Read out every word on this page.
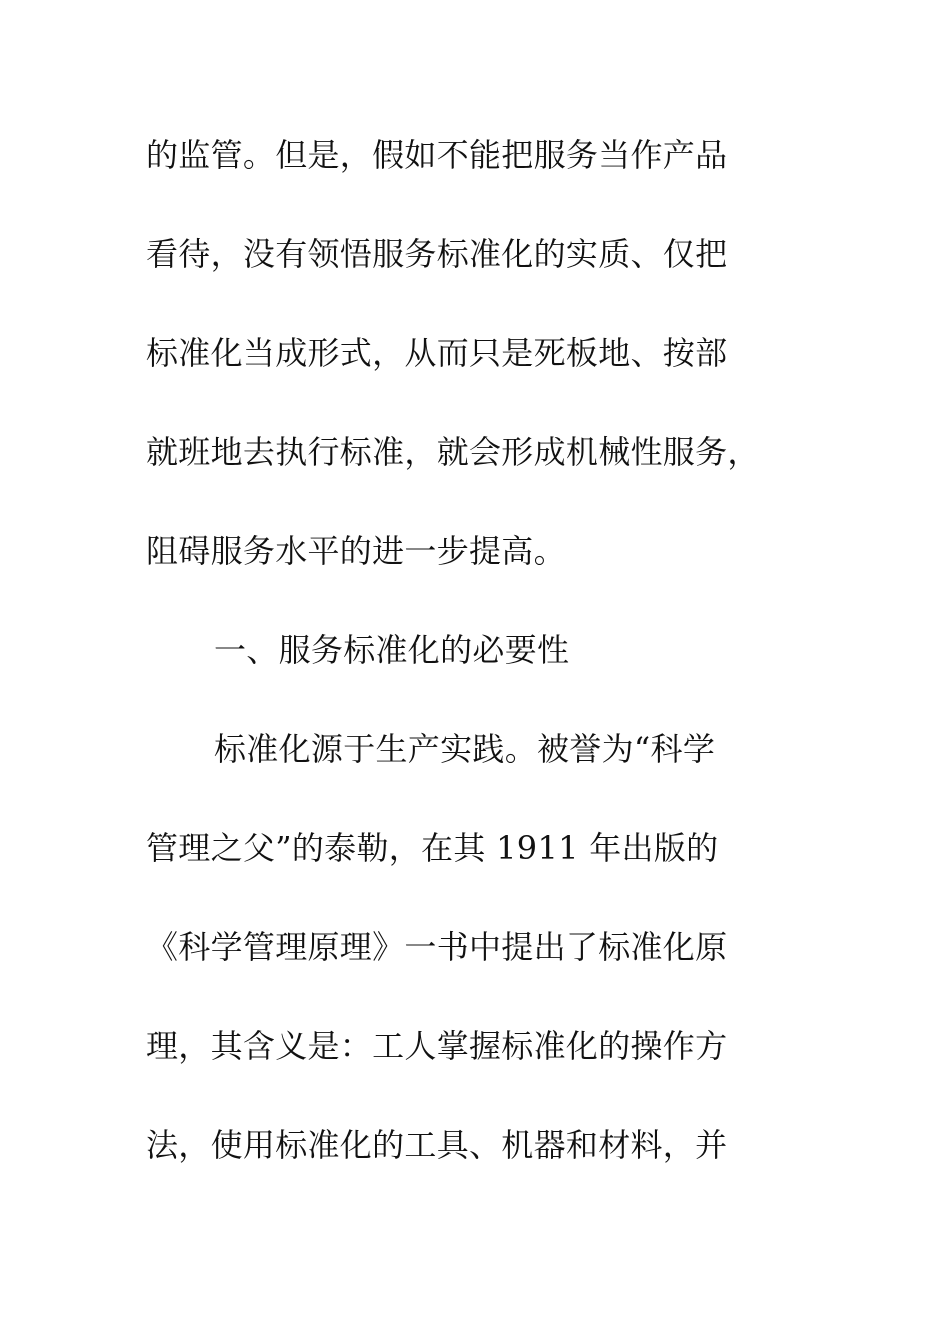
的监管。但是，假如不能把服务当作产品
看待，没有领悟服务标准化的实质、仅把
标准化当成形式，从而只是死板地、按部
就班地去执行标准，就会形成机械性服务，
阻碍服务水平的进一步提高。
一、服务标准化的必要性
标准化源于生产实践。被誉为“科学
管理之父”的泰勒，在其 1911 年出版的
《科学管理原理》一书中提出了标准化原
理，其含义是：工人掌握标准化的操作方
法，使用标准化的工具、机器和材料，并
